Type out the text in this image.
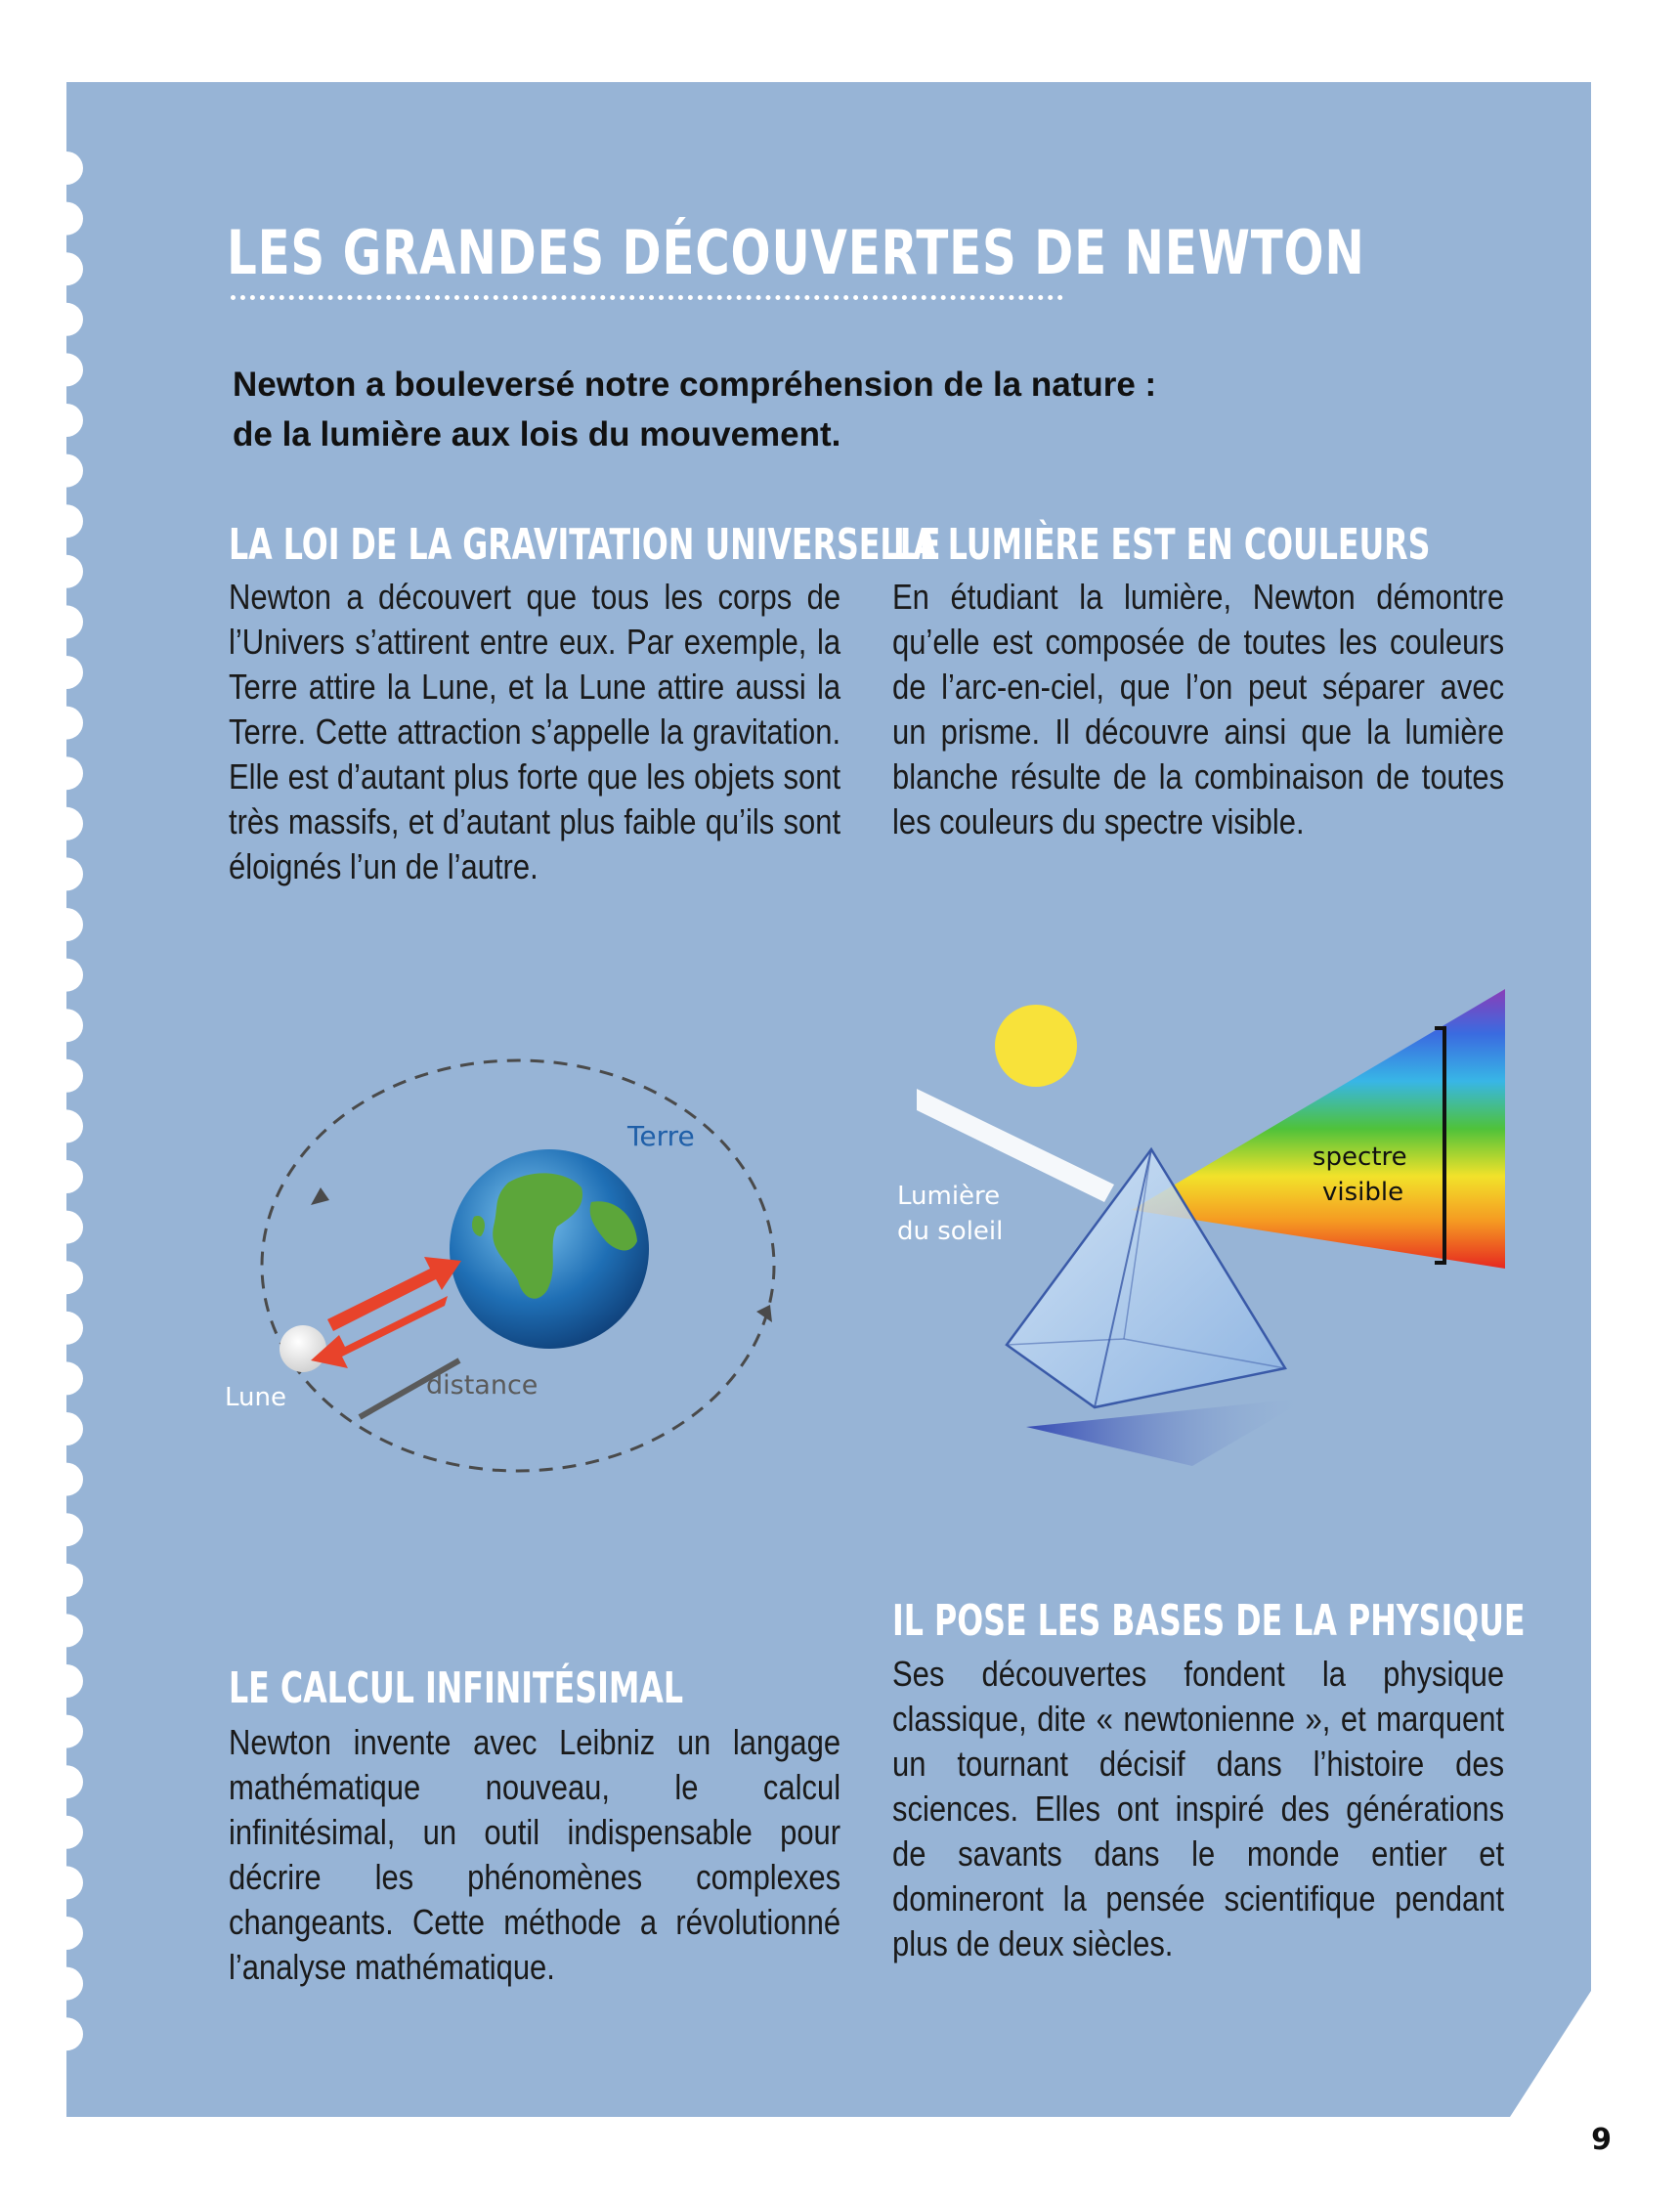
LES GRANDES DÉCOUVERTES DE NEWTON
Newton a bouleversé notre compréhension de la nature :
de la lumière aux lois du mouvement.
LA LOI DE LA GRAVITATION UNIVERSELLE
Newton a découvert que tous les corps de l’Univers s’attirent entre eux. Par exemple, la Terre attire la Lune, et la Lune attire aussi la Terre. Cette attraction s’appelle la gravitation. Elle est d’autant plus forte que les objets sont très massifs, et d’autant plus faible qu’ils sont éloignés l’un de l’autre.
LA LUMIÈRE EST EN COULEURS
En étudiant la lumière, Newton démontre qu’elle est composée de toutes les couleurs de l’arc-en-ciel, que l’on peut séparer avec un prisme. Il découvre ainsi que la lumière blanche résulte de la combinaison de toutes les couleurs du spectre visible.
LE CALCUL INFINITÉSIMAL
Newton invente avec Leibniz un langage mathématique nouveau, le calcul infinitésimal, un outil indispensable pour décrire les phénomènes complexes changeants. Cette méthode a révolutionné l’analyse mathématique.
IL POSE LES BASES DE LA PHYSIQUE
Ses découvertes fondent la physique classique, dite « newtonienne », et marquent un tournant décisif dans l’histoire des sciences. Elles ont inspiré des générations de savants dans le monde entier et domineront la pensée scientifique pendant plus de deux siècles.
Terre
Lune	distance
Lumière
du soleil
spectre
visible
9
